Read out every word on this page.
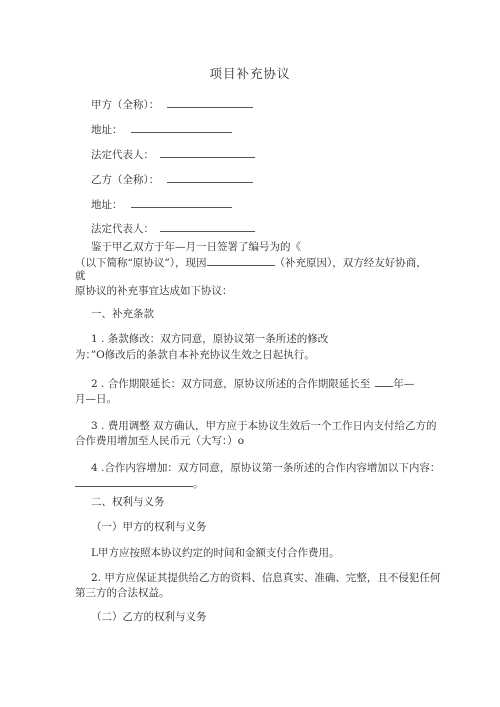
项目补充协议
甲方（全称）：
地址：
法定代表人：
乙方（全称）：
地址：
法定代表人：
鉴于甲乙双方于年—月一日签署了编号为的《
（以下简称“原协议”），现因	（补充原因），双方经友好协商，
就
原协议的补充事宜达成如下协议：
一、补充条款
1 . 条款修改：双方同意，原协议第一条所述的修改
为：”O修改后的条款自本补充协议生效之日起执行。
2 . 合作期限延长：双方同意，原协议所述的合作期限延长至 年—
月—日。
3 . 费用调整 双方确认，甲方应于本协议生效后一个工作日内支付给乙方的
合作费用增加至人民币元（大写：）o
4 .合作内容增加：双方同意，原协议第一条所述的合作内容增加以下内容：
。
二、权利与义务
（一）甲方的权利与义务
L甲方应按照本协议约定的时间和金额支付合作费用。
2. 甲方应保证其提供给乙方的资料、信息真实、准确、完整，且不侵犯任何
第三方的合法权益。
（二）乙方的权利与义务
